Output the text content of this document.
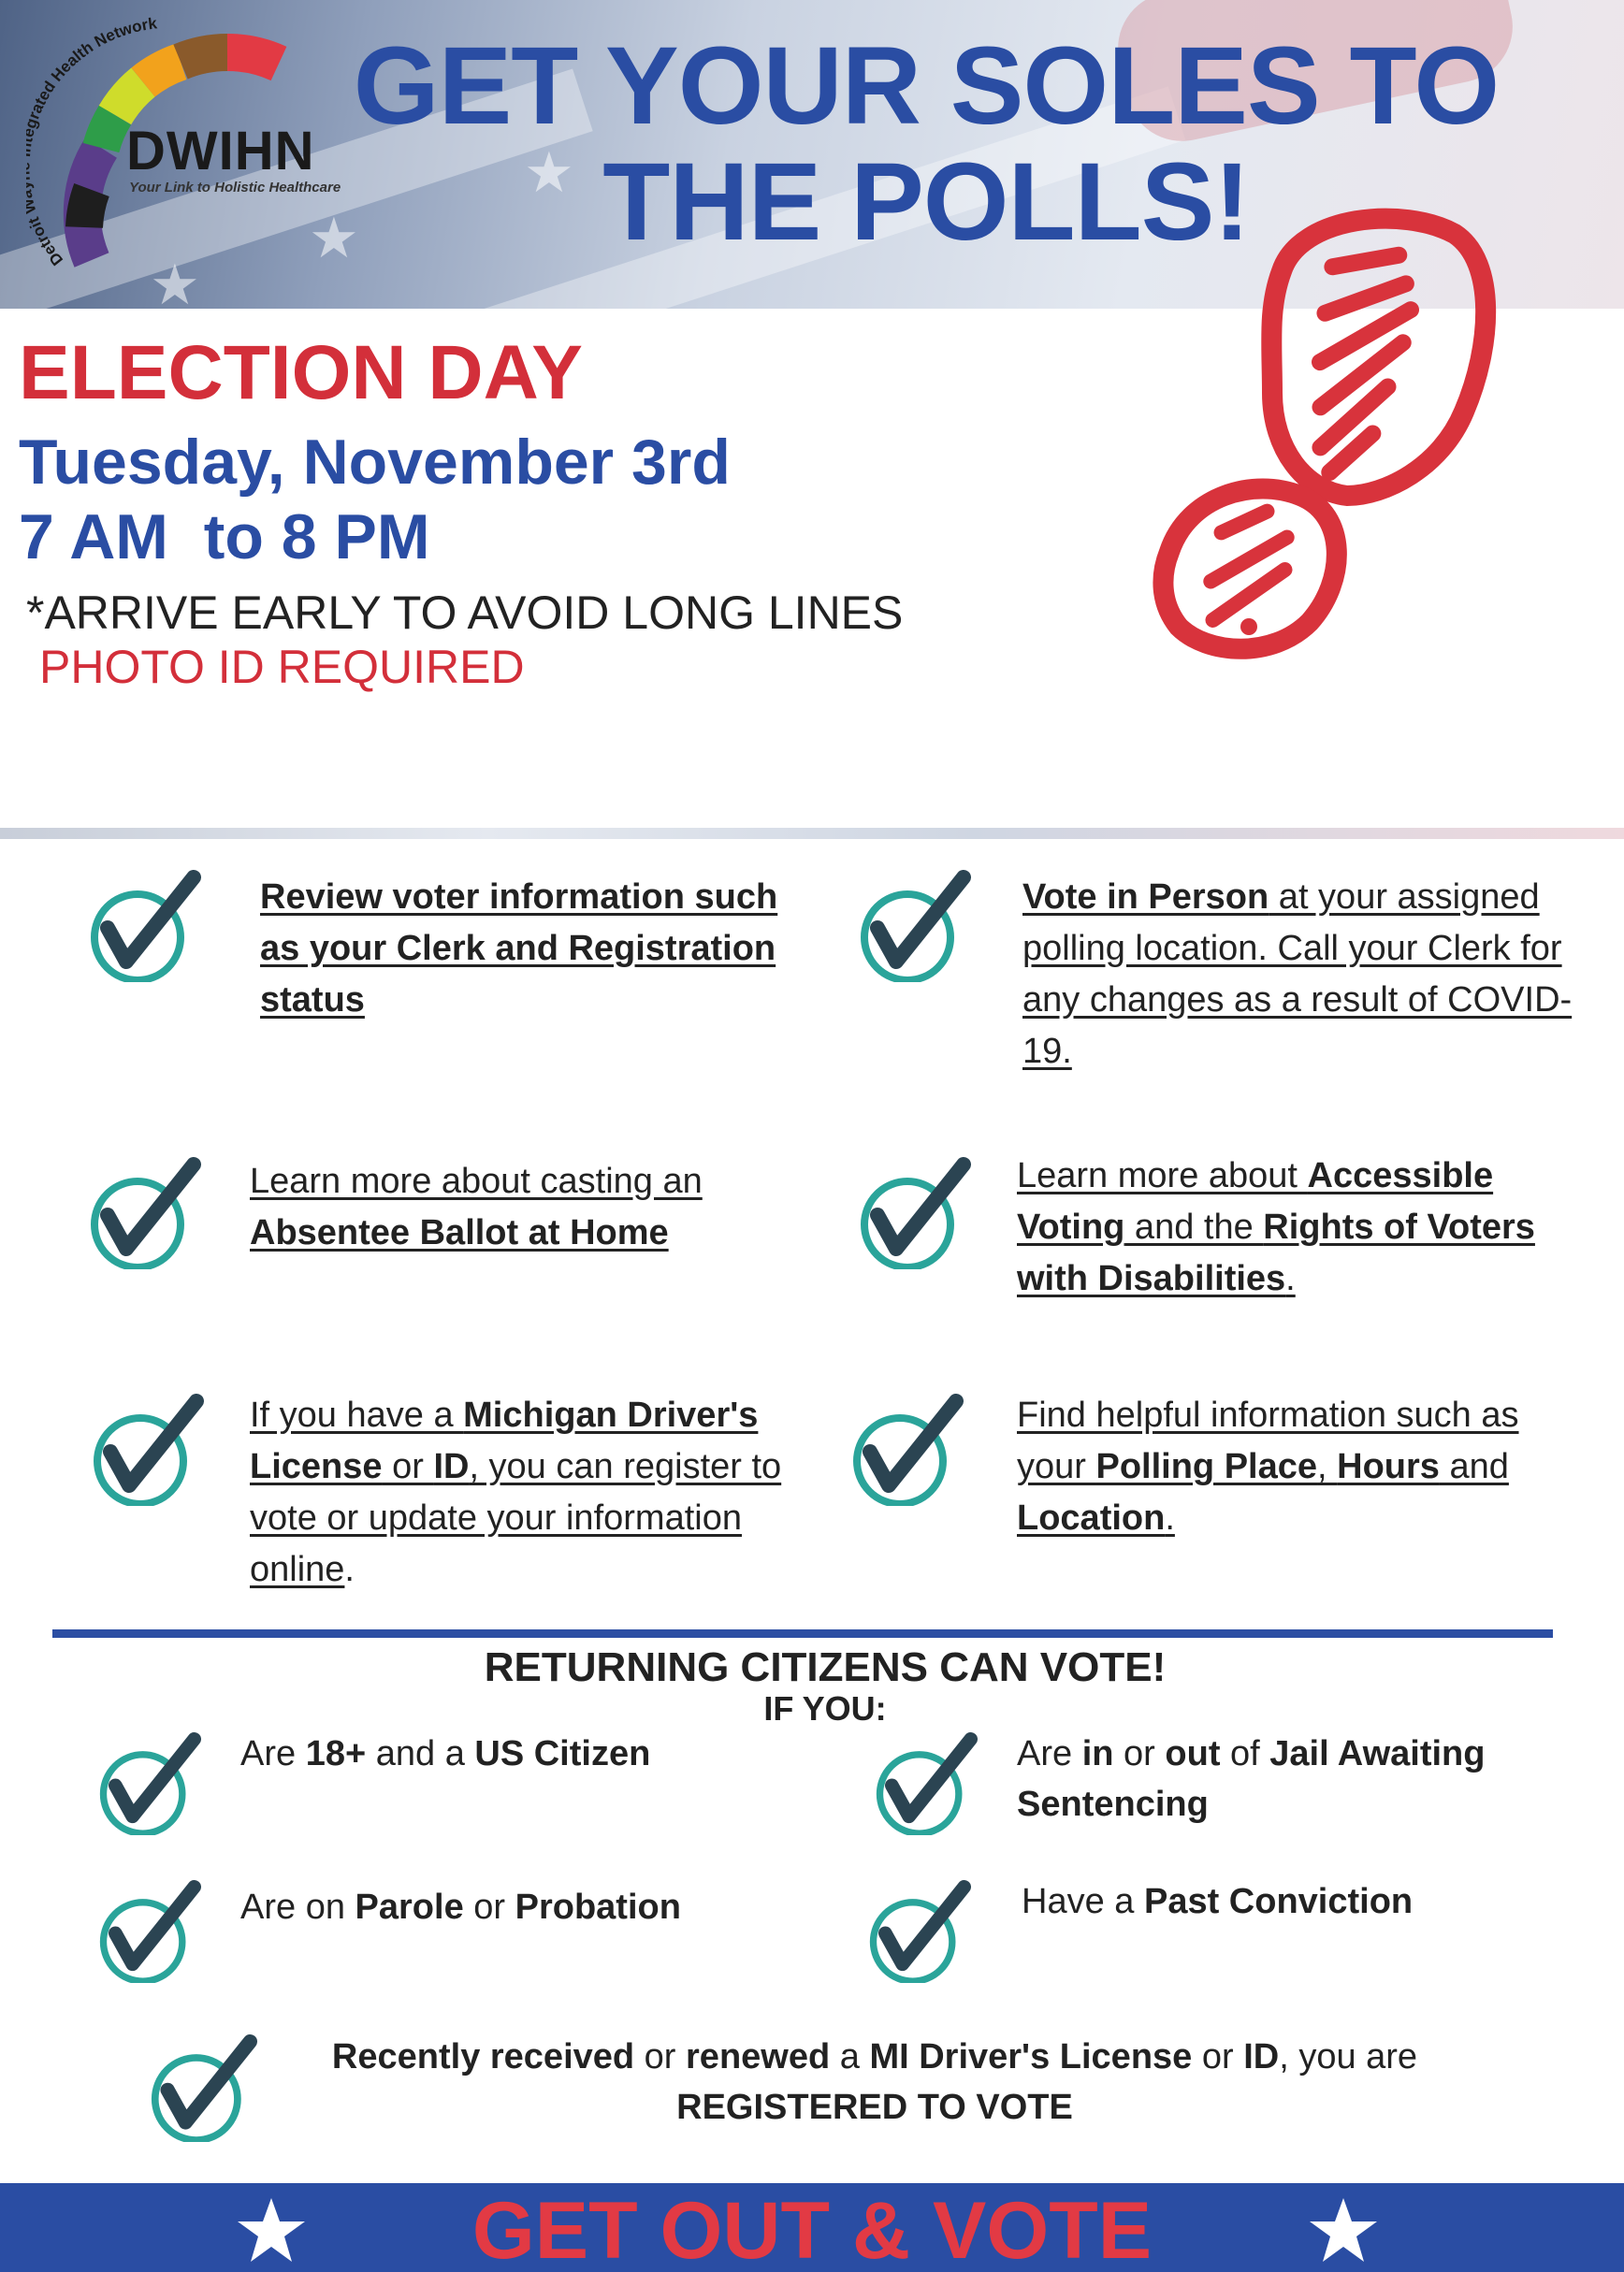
★
★
★
Detroit rated Health Network
DWIHN
Your Link to Holistic Healthcare
GET YOUR SOLES TO THE POLLS!
ELECTION DAY
Tuesday, November 3rd
7 AM  to 8 PM
*ARRIVE EARLY TO AVOID LONG LINES
PHOTO ID REQUIRED
Review voter information such as your Clerk and Registration status
Vote in Person at your assigned polling location. Call your Clerk for any changes as a result of COVID-19.
Learn more about casting an Absentee Ballot at Home
Learn more about Accessible Voting and the Rights of Voters with Disabilities.
If you have a Michigan Driver's License or ID, you can register to vote or update your information online.
Find helpful information such as your Polling Place, Hours and Location.
RETURNING CITIZENS CAN VOTE!
IF YOU:
Are 18+ and a US Citizen	Are in or out of Jail Awaiting Sentencing
Are on Parole or Probation	Have a Past Conviction
Recently received or renewed a MI Driver's License or ID, you are
REGISTERED TO VOTE
GET OUT & VOTE
